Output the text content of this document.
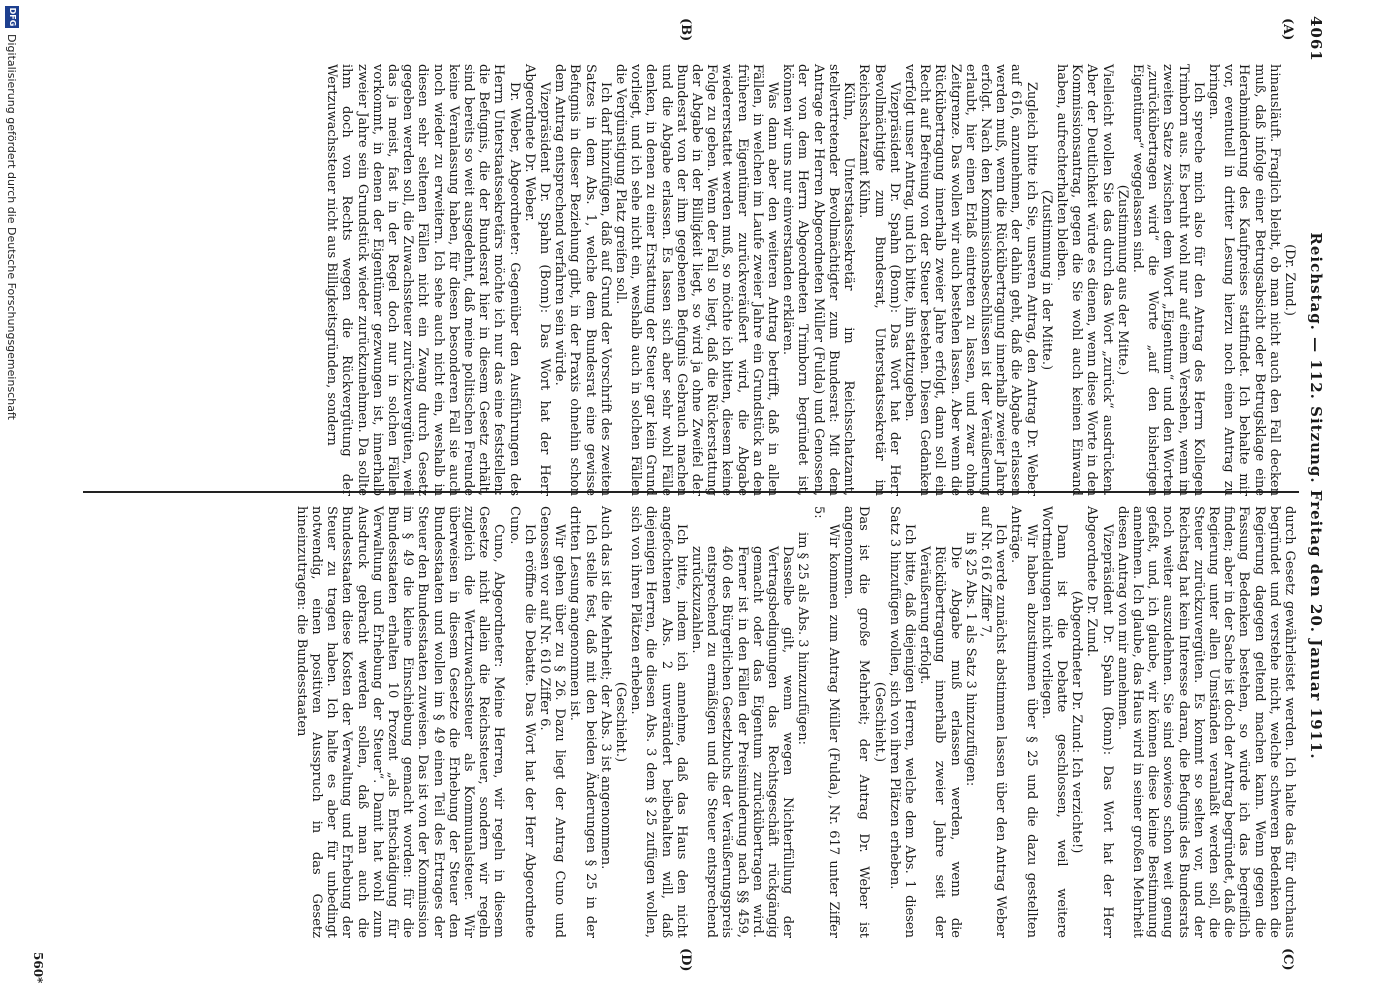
4061
Reichstag. — 112. Sitzung. Freitag den 20. Januar 1911.
(A)
(B)
(C)
(D)

(Dr. Zund.)

hinausläuft. Fraglich bleibt, ob man nicht auch den Fall decken muß, daß infolge einer Betrugsabsicht oder Betrugsklage eine Herabminderung des Kaufpreises stattfindet. Ich behalte mir vor, eventuell in dritter Lesung hierzu noch einen Antrag zu bringen.

Ich spreche mich also für den Antrag des Herrn Kollegen Trimborn aus. Es beruht wohl nur auf einem Versehen, wenn im zweiten Satze zwischen dem Wort „Eigentum“ und den Worten „zurückübertragen wird“ die Worte „auf den bisherigen Eigentümer“ weggelassen sind.

(Zustimmung aus der Mitte.)

Vielleicht wollen Sie das durch das Wort „zurück“ ausdrücken. Aber der Deutlichkeit würde es dienen, wenn diese Worte in den Kommissionsantrag, gegen die Sie wohl auch keinen Einwand haben, aufrechterhalten bleiben.

(Zustimmung in der Mitte.)

Zugleich bitte ich Sie, unseren Antrag, den Antrag Dr. Weber auf 616, anzunehmen, der dahin geht, daß die Abgabe erlassen werden muß, wenn die Rückübertragung innerhalb zweier Jahre erfolgt. Nach den Kommissionsbeschlüssen ist der Veräußerung erlaubt, hier einen Erlaß eintreten zu lassen, und zwar ohne Zeitgrenze. Das wollen wir auch bestehen lassen. Aber wenn die Rückübertragung innerhalb zweier Jahre erfolgt, dann soll ein Recht auf Befreiung von der Steuer bestehen. Diesen Gedanken verfolgt unser Antrag, und ich bitte, ihn stattzugeben.

Vizepräsident Dr. Spahn (Bonn): Das Wort hat der Herr Bevollmächtigte zum Bundesrat, Unterstaatssekretär im Reichsschatzamt Kühn.

Kühn, Unterstaatssekretär im Reichsschatzamt, stellvertretender Bevollmächtigter zum Bundesrat: Mit dem Antrage der Herren Abgeordneten Müller (Fulda) und Genossen, der von dem Herrn Abgeordneten Trimborn begründet ist, können wir uns nur einverstanden erklären.

Was dann aber den weiteren Antrag betrifft, daß in allen Fällen, in welchen im Laufe zweier Jahre ein Grundstück an den früheren Eigentümer zurückveräußert wird, die Abgabe wiedererstattet werden muß, so möchte ich bitten, diesem keine Folge zu geben. Wenn der Fall so liegt, daß die Rückerstattung der Abgabe in der Billigkeit liegt, so wird ja ohne Zweifel der Bundesrat von der ihm gegebenen Befugnis Gebrauch machen und die Abgabe erlassen. Es lassen sich aber sehr wohl Fälle denken, in denen zu einer Erstattung der Steuer gar kein Grund vorliegt, und ich sehe nicht ein, weshalb auch in solchen Fällen die Vergünstigung Platz greifen soll.

Ich darf hinzufügen, daß auf Grund der Vorschrift des zweiten Satzes in dem Abs. 1, welche dem Bundesrat eine gewisse Befugnis in dieser Beziehung gibt, in der Praxis ohnehin schon dem Antrag entsprechend verfahren sein würde.

Vizepräsident Dr. Spahn (Bonn): Das Wort hat der Herr Abgeordnete Dr. Weber.

Dr. Weber, Abgeordneter: Gegenüber den Ausführungen des Herrn Unterstaatssekretärs möchte ich nur das eine feststellen: die Befugnis, die der Bundesrat hier in diesem Gesetz erhält, sind bereits so weit ausgedehnt, daß meine politischen Freunde keine Veranlassung haben, für diesen besonderen Fall sie auch noch wieder zu erweitern. Ich sehe auch nicht ein, weshalb in diesen sehr seltenen Fällen nicht ein Zwang durch Gesetz gegeben werden soll, die Zuwachssteuer zurückzuvergüten, weil das ja meist, fast in der Regel doch nur in solchen Fällen vorkommt, in denen der Eigentümer gezwungen ist, innerhalb zweier Jahre sein Grundstück wieder zurückzunehmen. Da sollte ihm doch von Rechts wegen die Rückvergütung der Wertzuwachssteuer nicht aus Billigkeitsgründen, sondern

durch Gesetz gewährleistet werden. Ich halte das für durchaus begründet und verstehe nicht, welche schweren Bedenken die Regierung dagegen geltend machen kann. Wenn gegen die Fassung Bedenken bestehen, so würde ich das begreiflich finden; aber in der Sache ist doch der Antrag begründet, daß die Regierung unter allen Umständen veranlaßt werden soll, die Steuer zurückzuvergüten. Es kommt so selten vor, und der Reichstag hat kein Interesse daran, die Befugnis des Bundesrats noch weiter auszudehnen. Sie sind sowieso schon weit genug gefaßt, und, ich glaube, wir können diese kleine Bestimmung annehmen. Ich glaube, das Haus wird in seiner großen Mehrheit diesen Antrag von mir annehmen.

Vizepräsident Dr. Spahn (Bonn): Das Wort hat der Herr Abgeordnete Dr. Zund.

(Abgeordneter Dr. Zund: Ich verzichte!)

Dann ist die Debatte geschlossen, weil weitere Wortmeldungen nicht vorliegen.

Wir haben abzustimmen über § 25 und die dazu gestellten Anträge.

Ich werde zunächst abstimmen lassen über den Antrag Weber auf Nr. 616 Ziffer 7,

in § 25 Abs. 1 als Satz 3 hinzuzufügen:

Die Abgabe muß erlassen werden, wenn die Rückübertragung innerhalb zweier Jahre seit der Veräußerung erfolgt.

Ich bitte, daß diejenigen Herren, welche dem Abs. 1 diesen Satz 3 hinzufügen wollen, sich von ihren Plätzen erheben.

(Geschieht.)

Das ist die große Mehrheit; der Antrag Dr. Weber ist angenommen.

Wir kommen zum Antrag Müller (Fulda), Nr. 617 unter Ziffer 5:

im § 25 als Abs. 3 hinzuzufügen:

Dasselbe gilt, wenn wegen Nichterfüllung der Vertragsbedingungen das Rechtsgeschäft rückgängig gemacht oder das Eigentum zurückübertragen wird. Ferner ist in den Fällen der Preisminderung nach §§ 459, 460 des Bürgerlichen Gesetzbuchs der Veräußerungspreis entsprechend zu ermäßigen und die Steuer entsprechend zurückzuzahlen.

Ich bitte, indem ich annehme, daß das Haus den nicht angefochtenen Abs. 2 unverändert beibehalten will, daß diejenigen Herren, die diesen Abs. 3 dem § 25 zufügen wollen, sich von ihren Plätzen erheben.

(Geschieht.)

Auch das ist die Mehrheit; der Abs. 3 ist angenommen.

Ich stelle fest, daß mit den beiden Änderungen § 25 in der dritten Lesung angenommen ist.

Wir gehen über zu § 26. Dazu liegt der Antrag Cuno und Genossen vor auf Nr. 610 Ziffer 6.

Ich eröffne die Debatte. Das Wort hat der Herr Abgeordnete Cuno.

Cuno, Abgeordneter: Meine Herren, wir regeln in diesem Gesetze nicht allein die Reichssteuer, sondern wir regeln zugleich die Wertzuwachssteuer als Kommunalsteuer. Wir überweisen in diesem Gesetze die Erhebung der Steuer den Bundesstaaten und wollen im § 49 einen Teil des Ertrages der Steuer den Bundesstaaten zuweisen. Das ist von der Kommission im § 49 die kleine Einschiebung gemacht worden: für die Bundesstaaten erhalten 10 Prozent „als Entschädigung für Verwaltung und Erhebung der Steuer“. Damit hat wohl zum Ausdruck gebracht werden sollen, daß man auch die Bundesstaaten diese Kosten der Verwaltung und Erhebung der Steuer zu tragen haben. Ich halte es aber für unbedingt notwendig, einen positiven Ausspruch in das Gesetz hineinzutragen: die Bundesstaaten

560*
DFG
Digitalisierung gefördert durch die Deutsche Forschungsgemeinschaft
